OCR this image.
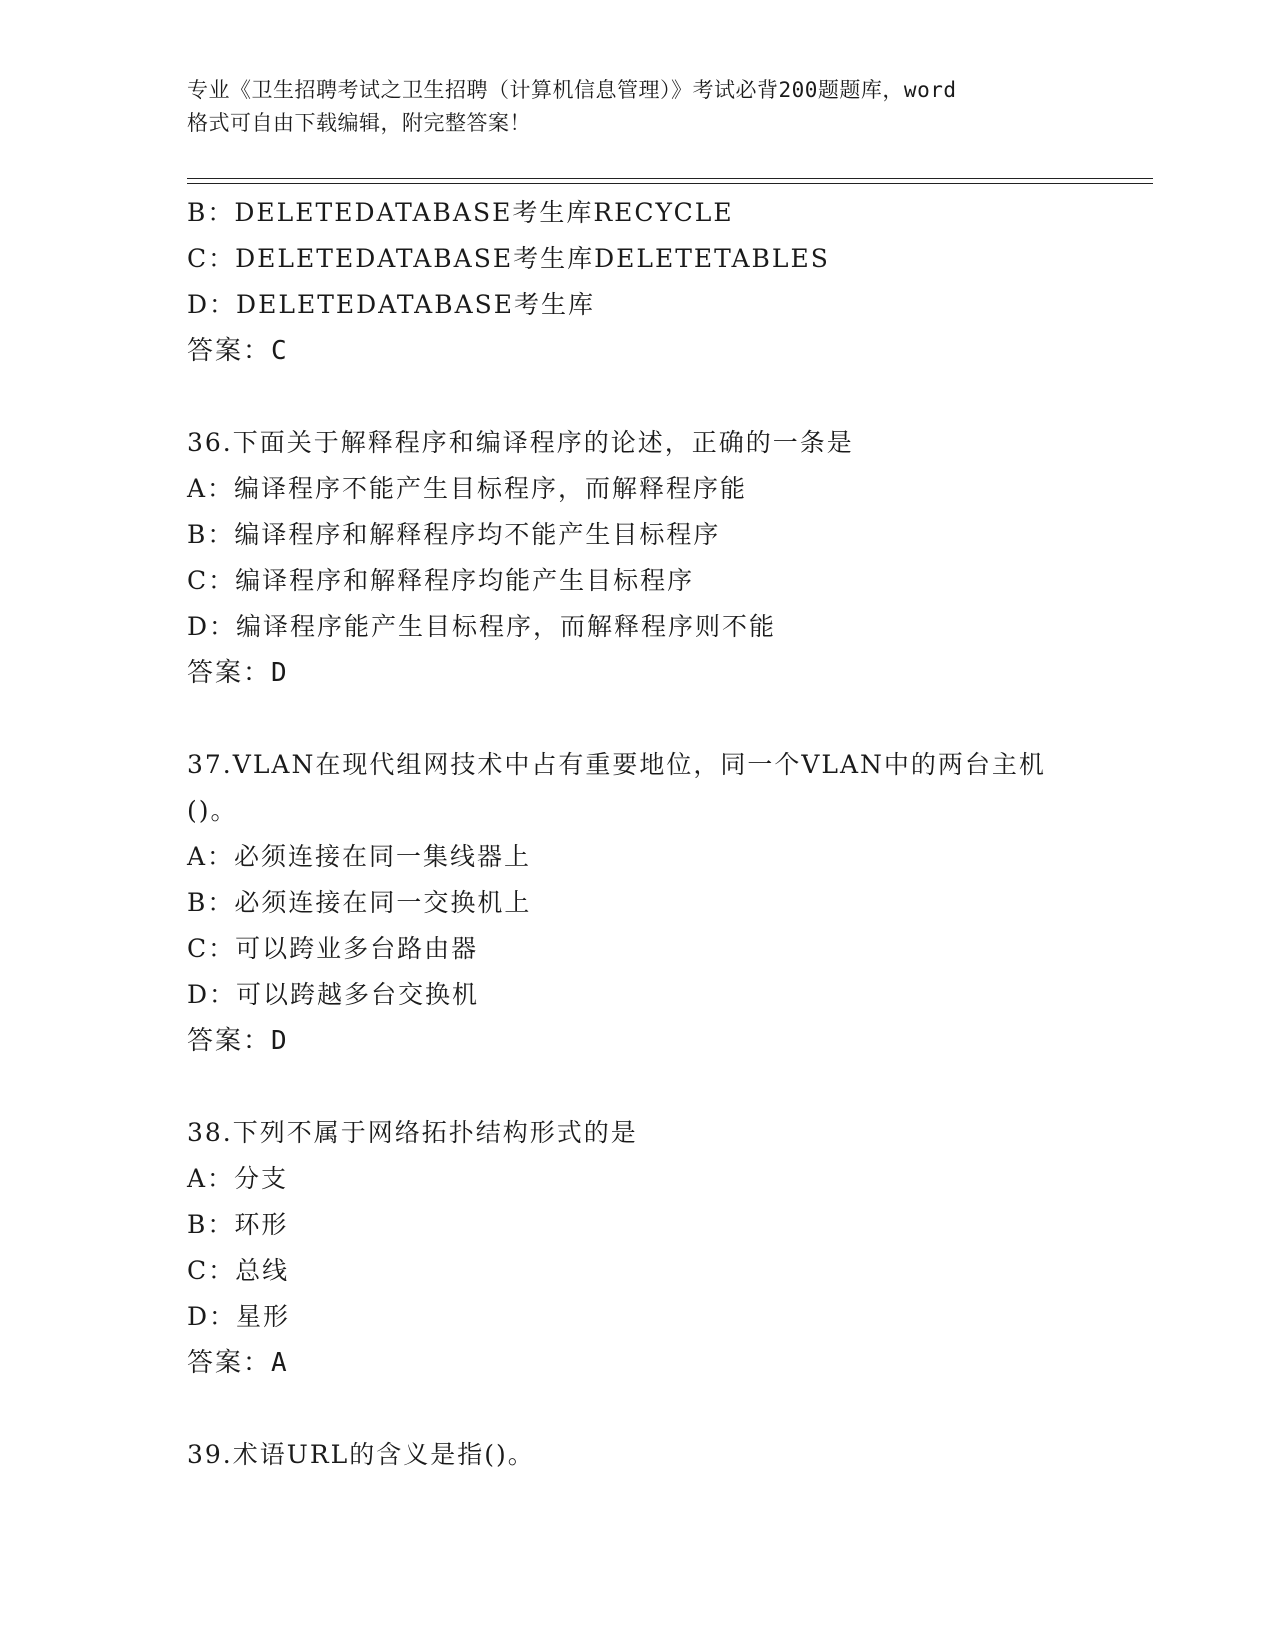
专业《卫生招聘考试之卫生招聘（计算机信息管理）》考试必背200题题库，word
格式可自由下载编辑，附完整答案！
B：DELETEDATABASE考生库RECYCLE
C：DELETEDATABASE考生库DELETETABLES
D：DELETEDATABASE考生库
答案：C
36.下面关于解释程序和编译程序的论述，正确的一条是
A：编译程序不能产生目标程序，而解释程序能
B：编译程序和解释程序均不能产生目标程序
C：编译程序和解释程序均能产生目标程序
D：编译程序能产生目标程序，而解释程序则不能
答案：D
37.VLAN在现代组网技术中占有重要地位，同一个VLAN中的两台主机
()。
A：必须连接在同一集线器上
B：必须连接在同一交换机上
C：可以跨业多台路由器
D：可以跨越多台交换机
答案：D
38.下列不属于网络拓扑结构形式的是
A：分支
B：环形
C：总线
D：星形
答案：A
39.术语URL的含义是指()。
